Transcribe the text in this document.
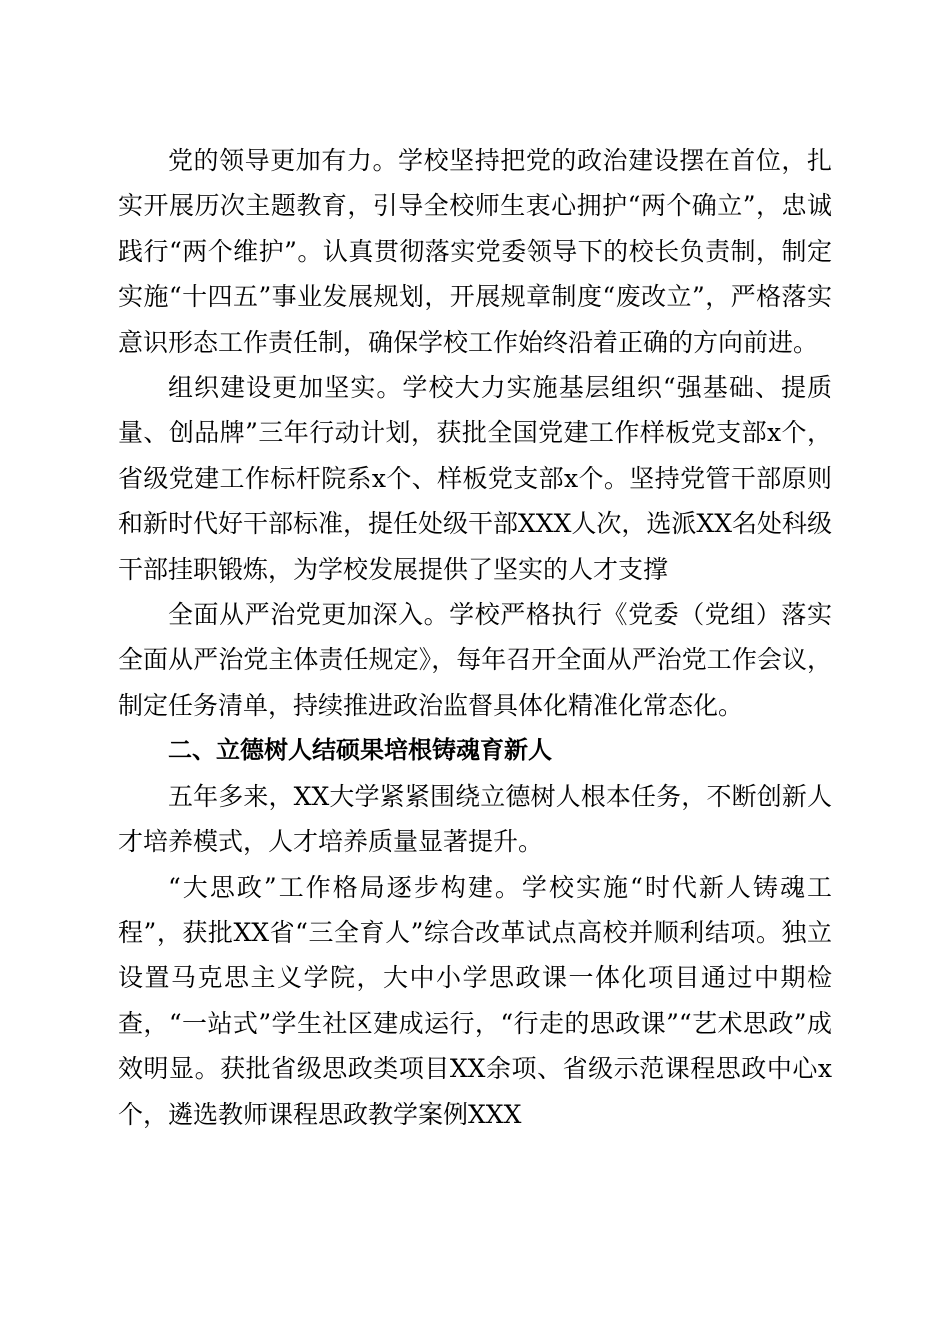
党的领导更加有力。学校坚持把党的政治建设摆在首位，扎实开展历次主题教育，引导全校师生衷心拥护“两个确立”，忠诚践行“两个维护”。认真贯彻落实党委领导下的校长负责制，制定实施“十四五”事业发展规划，开展规章制度“废改立”，严格落实意识形态工作责任制，确保学校工作始终沿着正确的方向前进。

组织建设更加坚实。学校大力实施基层组织“强基础、提质量、创品牌”三年行动计划，获批全国党建工作样板党支部x个，省级党建工作标杆院系x个、样板党支部x个。坚持党管干部原则和新时代好干部标准，提任处级干部XXX人次，选派XX名处科级干部挂职锻炼，为学校发展提供了坚实的人才支撑

全面从严治党更加深入。学校严格执行《党委（党组）落实全面从严治党主体责任规定》，每年召开全面从严治党工作会议，制定任务清单，持续推进政治监督具体化精准化常态化。

二、立德树人结硕果培根铸魂育新人

五年多来，XX大学紧紧围绕立德树人根本任务，不断创新人才培养模式，人才培养质量显著提升。

“大思政”工作格局逐步构建。学校实施“时代新人铸魂工程”，获批XX省“三全育人”综合改革试点高校并顺利结项。独立设置马克思主义学院，大中小学思政课一体化项目通过中期检查，“一站式”学生社区建成运行，“行走的思政课”“艺术思政”成效明显。获批省级思政类项目XX余项、省级示范课程思政中心x个，遴选教师课程思政教学案例XXX
